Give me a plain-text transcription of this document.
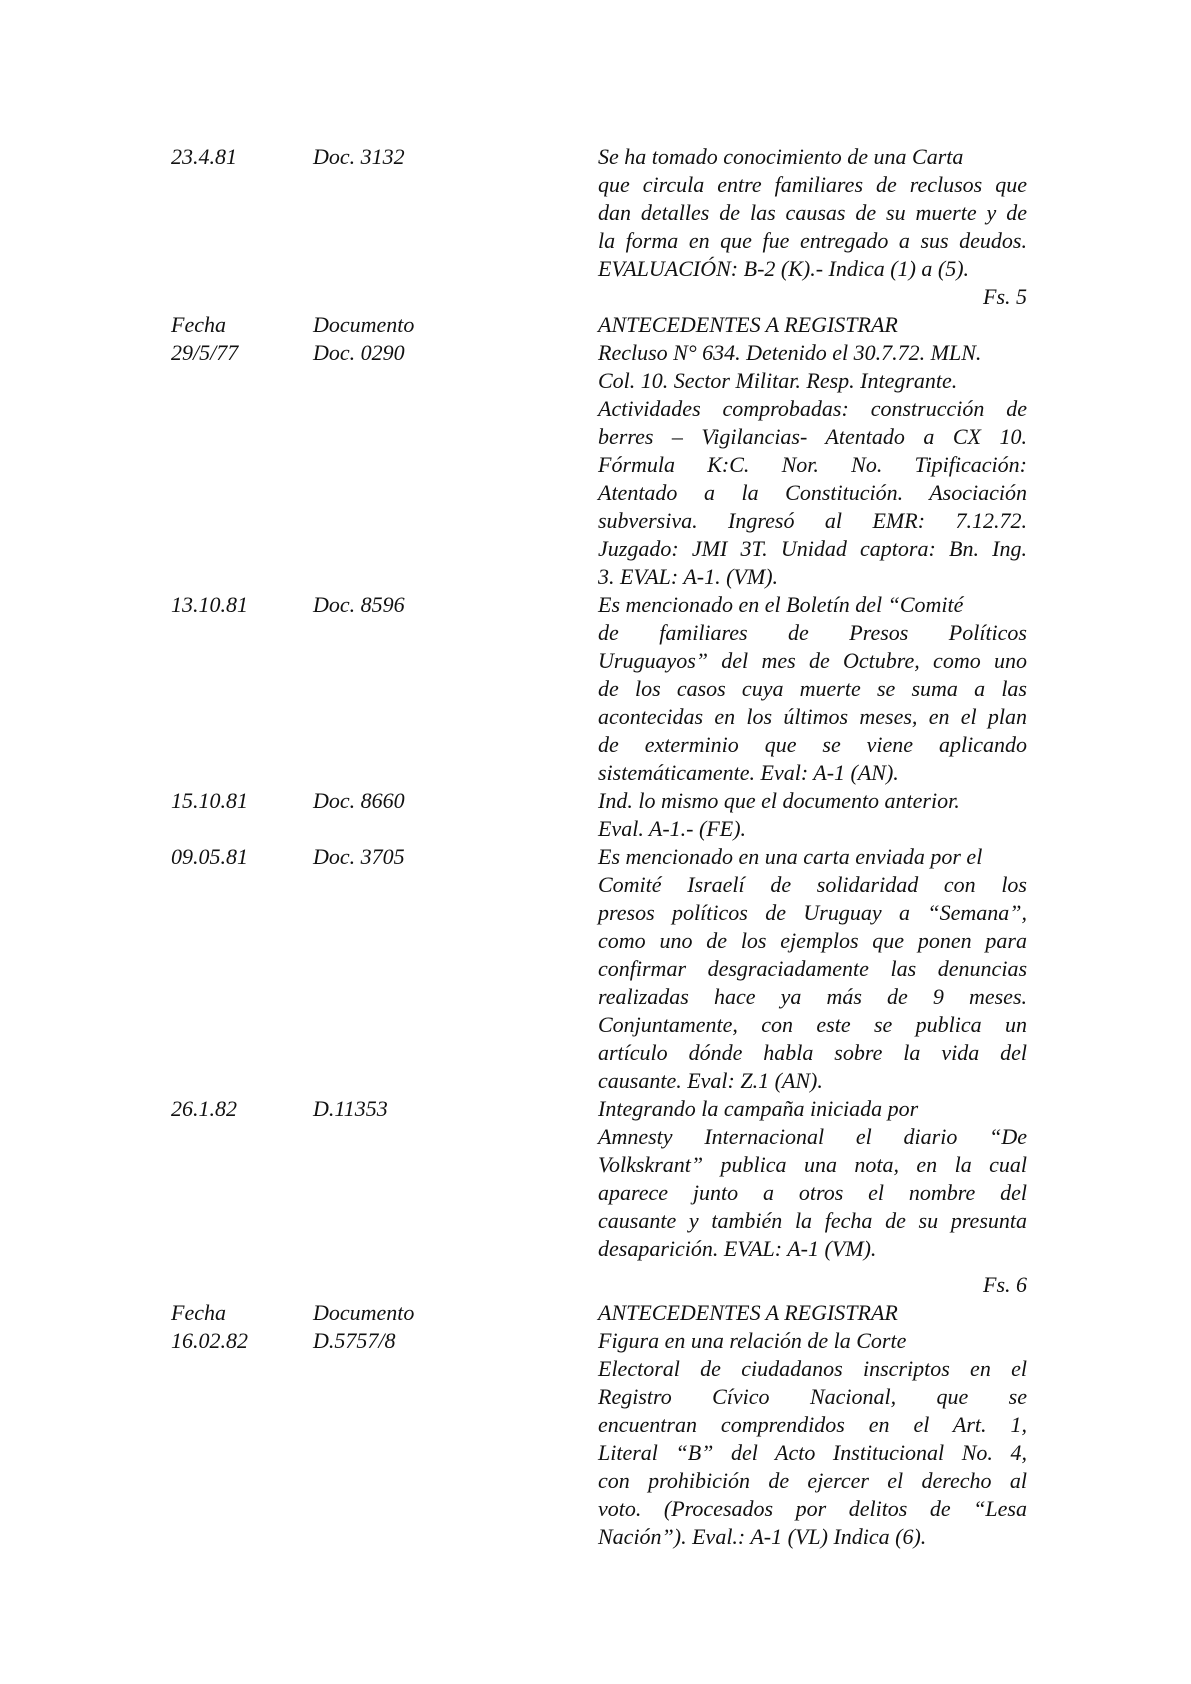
23.4.81	Doc. 3132	Se ha tomado conocimiento de una Carta
que circula entre familiares de reclusos que
dan detalles de las causas de su muerte y de
la forma en que fue entregado a sus deudos.
EVALUACIÓN: B-2 (K).- Indica (1) a (5).
Fs. 5
Fecha	Documento	ANTECEDENTES A REGISTRAR
29/5/77	Doc. 0290	Recluso N° 634. Detenido el 30.7.72. MLN.
Col. 10. Sector Militar. Resp. Integrante.
Actividades comprobadas: construcción de
berres – Vigilancias- Atentado a CX 10.
Fórmula K:C. Nor. No. Tipificación:
Atentado a la Constitución. Asociación
subversiva. Ingresó al EMR: 7.12.72.
Juzgado: JMI 3T. Unidad captora: Bn. Ing.
3. EVAL: A-1. (VM).
13.10.81	Doc. 8596	Es mencionado en el Boletín del “Comité
de familiares de Presos Políticos
Uruguayos” del mes de Octubre, como uno
de los casos cuya muerte se suma a las
acontecidas en los últimos meses, en el plan
de exterminio que se viene aplicando
sistemáticamente. Eval: A-1 (AN).
15.10.81	Doc. 8660	Ind. lo mismo que el documento anterior.
Eval. A-1.- (FE).
09.05.81	Doc. 3705	Es mencionado en una carta enviada por el
Comité Israelí de solidaridad con los
presos políticos de Uruguay a “Semana”,
como uno de los ejemplos que ponen para
confirmar desgraciadamente las denuncias
realizadas hace ya más de 9 meses.
Conjuntamente, con este se publica un
artículo dónde habla sobre la vida del
causante. Eval: Z.1 (AN).
26.1.82	D.11353	Integrando la campaña iniciada por
Amnesty Internacional el diario “De
Volkskrant” publica una nota, en la cual
aparece junto a otros el nombre del
causante y también la fecha de su presunta
desaparición. EVAL: A-1 (VM).
Fs. 6
Fecha	Documento	ANTECEDENTES A REGISTRAR
16.02.82	D.5757/8	Figura en una relación de la Corte
Electoral de ciudadanos inscriptos en el
Registro Cívico Nacional, que se
encuentran comprendidos en el Art. 1,
Literal “B” del Acto Institucional No. 4,
con prohibición de ejercer el derecho al
voto. (Procesados por delitos de “Lesa
Nación”). Eval.: A-1 (VL) Indica (6).
